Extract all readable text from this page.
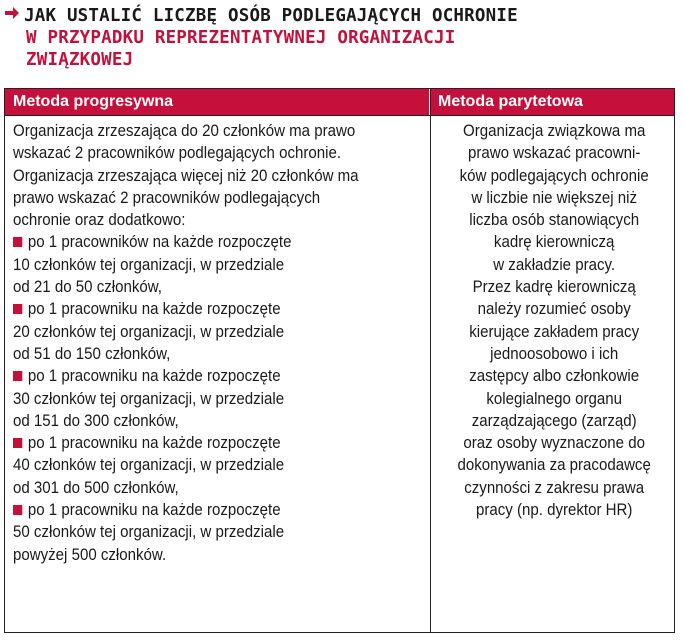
JAK USTALIĆ LICZBĘ OSÓB PODLEGAJĄCYCH OCHRONIE
W PRZYPADKU REPREZENTATYWNEJ ORGANIZACJI
ZWIĄZKOWEJ
Metoda progresywna	Metoda parytetowa

Organizacja zrzeszająca do 20 członków ma prawo
wskazać 2 pracowników podlegających ochronie.
Organizacja zrzeszająca więcej niż 20 członków ma
prawo wskazać 2 pracowników podlegających
ochronie oraz dodatkowo:

po 1 pracowników na każde rozpoczęte
10 członków tej organizacji, w przedziale
od 21 do 50 członków,

po 1 pracowniku na każde rozpoczęte
20 członków tej organizacji, w przedziale
od 51 do 150 członków,

po 1 pracowniku na każde rozpoczęte
30 członków tej organizacji, w przedziale
od 151 do 300 członków,

po 1 pracowniku na każde rozpoczęte
40 członków tej organizacji, w przedziale
od 301 do 500 członków,

po 1 pracowniku na każde rozpoczęte
50 członków tej organizacji, w przedziale
powyżej 500 członków.

Organizacja związkowa ma
prawo wskazać pracowni-
ków podlegających ochronie
w liczbie nie większej niż
liczba osób stanowiących
kadrę kierowniczą
w zakładzie pracy.
Przez kadrę kierowniczą
należy rozumieć osoby
kierujące zakładem pracy
jednoosobowo i ich
zastępcy albo członkowie
kolegialnego organu
zarządzającego (zarząd)
oraz osoby wyznaczone do
dokonywania za pracodawcę
czynności z zakresu prawa
pracy (np. dyrektor HR)
